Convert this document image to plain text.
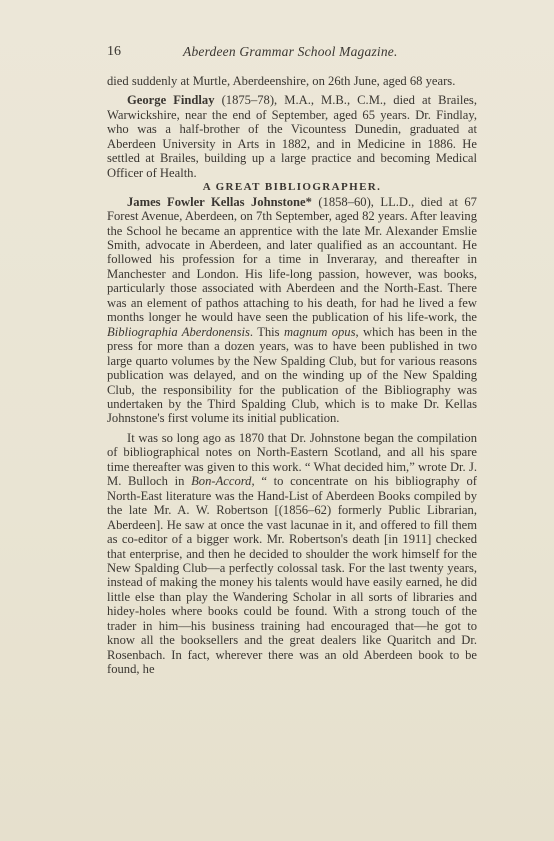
16	Aberdeen Grammar School Magazine.

died suddenly at Murtle, Aberdeenshire, on 26th June, aged 68 years.

George Findlay (1875–78), M.A., M.B., C.M., died at Brailes, Warwickshire, near the end of September, aged 65 years. Dr. Findlay, who was a half-brother of the Vicountess Dunedin, graduated at Aberdeen University in Arts in 1882, and in Medicine in 1886. He settled at Brailes, building up a large practice and becoming Medical Officer of Health.

A GREAT BIBLIOGRAPHER.

James Fowler Kellas Johnstone* (1858–60), LL.D., died at 67 Forest Avenue, Aberdeen, on 7th September, aged 82 years. After leaving the School he became an apprentice with the late Mr. Alexander Emslie Smith, advocate in Aberdeen, and later qualified as an accountant. He followed his profession for a time in Inveraray, and thereafter in Manchester and London. His life-long passion, however, was books, particularly those associated with Aberdeen and the North-East. There was an element of pathos attaching to his death, for had he lived a few months longer he would have seen the publication of his life-work, the Bibliographia Aberdonensis. This magnum opus, which has been in the press for more than a dozen years, was to have been published in two large quarto volumes by the New Spalding Club, but for various reasons publication was delayed, and on the winding up of the New Spalding Club, the responsibility for the publication of the Bibliography was undertaken by the Third Spalding Club, which is to make Dr. Kellas Johnstone's first volume its initial publication.

It was so long ago as 1870 that Dr. Johnstone began the compilation of bibliographical notes on North-Eastern Scotland, and all his spare time thereafter was given to this work. “ What decided him,” wrote Dr. J. M. Bulloch in Bon-Accord, “ to concentrate on his bibliography of North-East literature was the Hand-List of Aberdeen Books compiled by the late Mr. A. W. Robertson [(1856–62) formerly Public Librarian, Aberdeen]. He saw at once the vast lacunae in it, and offered to fill them as co-editor of a bigger work. Mr. Robertson's death [in 1911] checked that enterprise, and then he decided to shoulder the work himself for the New Spalding Club—a perfectly colossal task. For the last twenty years, instead of making the money his talents would have easily earned, he did little else than play the Wandering Scholar in all sorts of libraries and hidey-holes where books could be found. With a strong touch of the trader in him—his business training had encouraged that—he got to know all the booksellers and the great dealers like Quaritch and Dr. Rosenbach. In fact, wherever there was an old Aberdeen book to be found, he
